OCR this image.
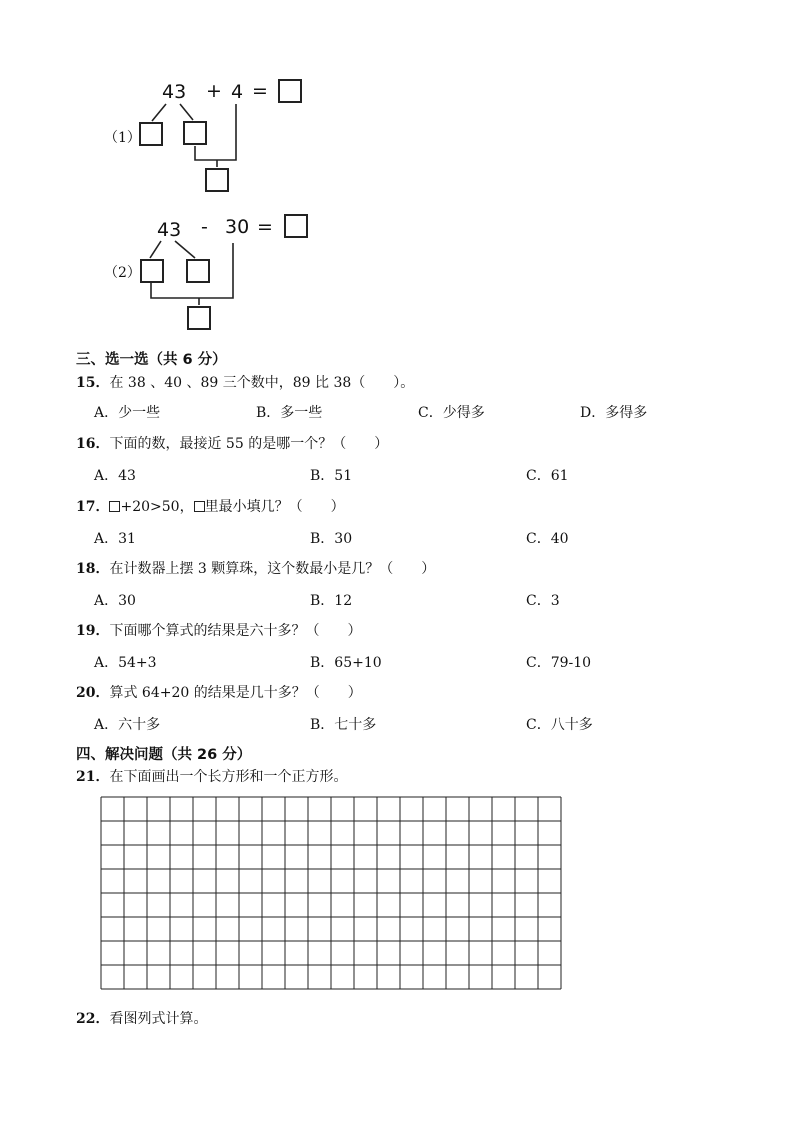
（1）
43 + 4 =
（2）
43 - 30 =
三、选一选（共 6 分）
15．在 38 、40 、89 三个数中，89 比 38（　　）。
A．少一些	B．多一些	C．少得多	D．多得多
16．下面的数，最接近 55 的是哪一个？（　　）
A．43	B．51	C．61
17． +20>50， 里最小填几？（　　）
A．31	B．30	C．40
18．在计数器上摆 3 颗算珠，这个数最小是几？（　　）
A．30	B．12	C．3
19．下面哪个算式的结果是六十多？（　　）
A．54+3	B．65+10	C．79-10
20．算式 64+20 的结果是几十多？（　　）
A．六十多	B．七十多	C．八十多
四、解决问题（共 26 分）
21．在下面画出一个长方形和一个正方形。
22．看图列式计算。
